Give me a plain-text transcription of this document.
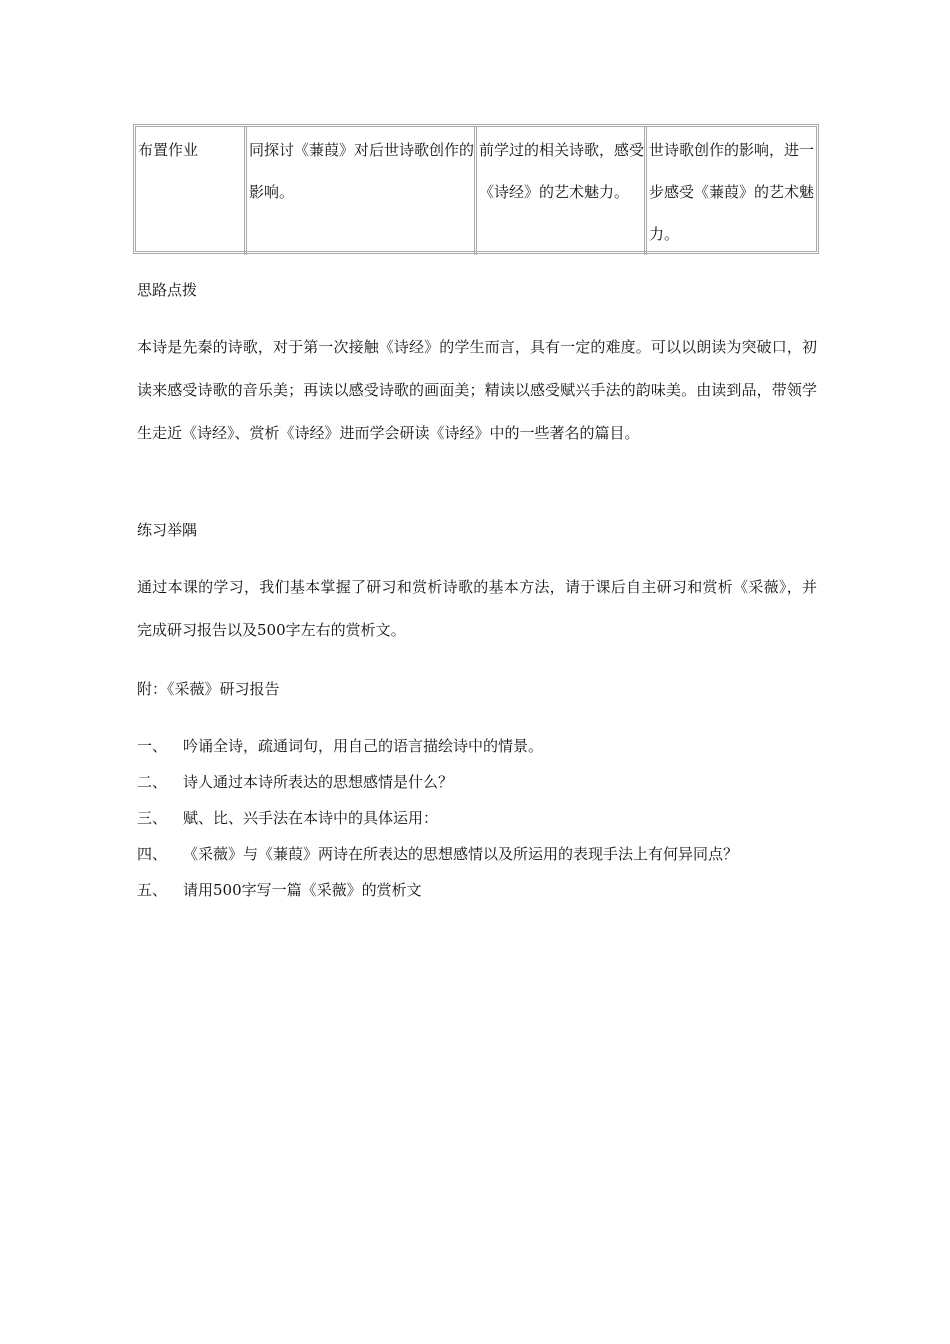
布置作业	同探讨《蒹葭》对后世诗歌创作的影响。	前学过的相关诗歌，感受《诗经》的艺术魅力。	世诗歌创作的影响，进一步感受《蒹葭》的艺术魅力。
思路点拨
本诗是先秦的诗歌，对于第一次接触《诗经》的学生而言，具有一定的难度。可以以朗读为突破口，初读来感受诗歌的音乐美；再读以感受诗歌的画面美；精读以感受赋兴手法的韵味美。由读到品，带领学生走近《诗经》、赏析《诗经》进而学会研读《诗经》中的一些著名的篇目。
练习举隅
通过本课的学习，我们基本掌握了研习和赏析诗歌的基本方法，请于课后自主研习和赏析《采薇》，并完成研习报告以及500字左右的赏析文。
附：《采薇》研习报告
一、 吟诵全诗，疏通词句，用自己的语言描绘诗中的情景。
二、 诗人通过本诗所表达的思想感情是什么？
三、 赋、比、兴手法在本诗中的具体运用：
四、 《采薇》与《蒹葭》两诗在所表达的思想感情以及所运用的表现手法上有何异同点？
五、 请用500字写一篇《采薇》的赏析文
